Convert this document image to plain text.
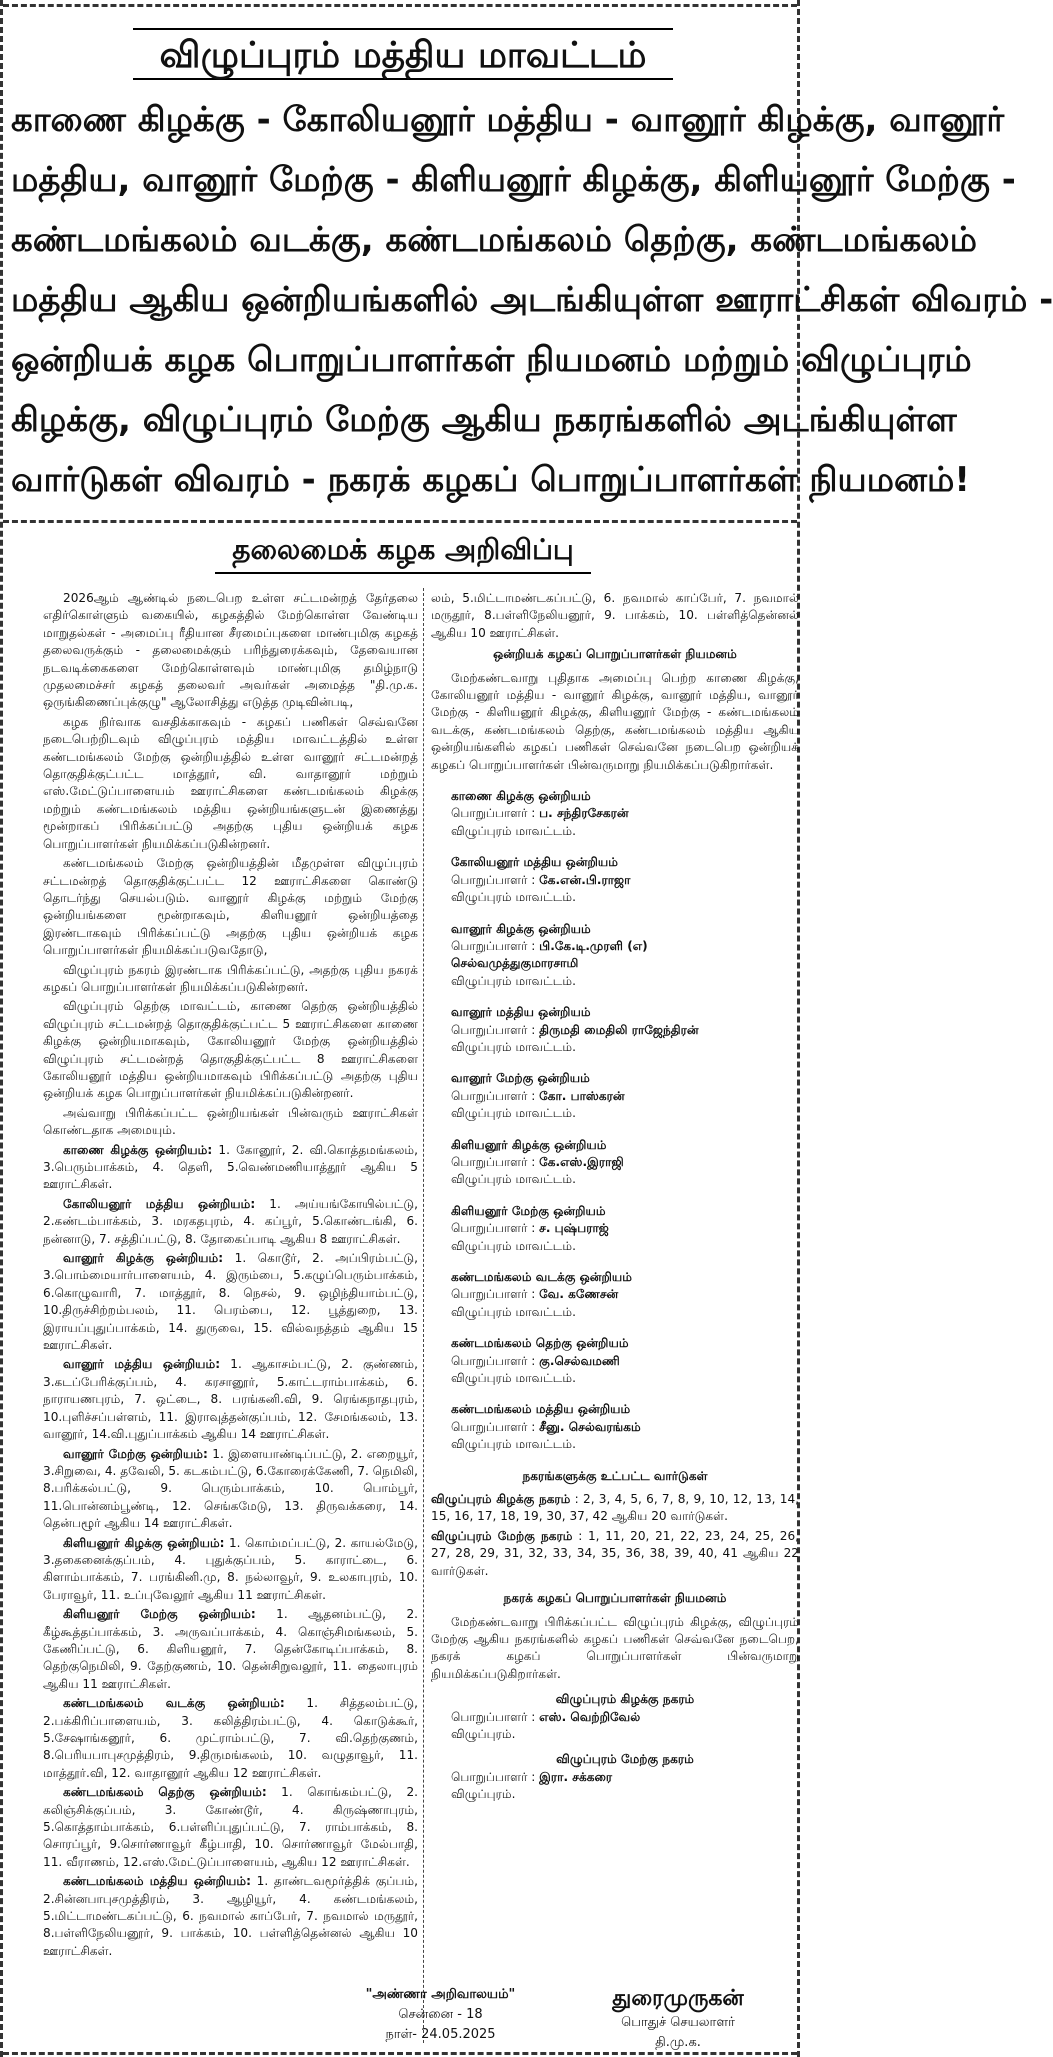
விழுப்புரம் மத்திய மாவட்டம்
காணை கிழக்கு - கோலியனூர் மத்திய - வானூர் கிழக்கு, வானூர்
மத்திய, வானூர் மேற்கு - கிளியனூர் கிழக்கு, கிளியனூர் மேற்கு -
கண்டமங்கலம் வடக்கு, கண்டமங்கலம் தெற்கு, கண்டமங்கலம்
மத்திய ஆகிய ஒன்றியங்களில் அடங்கியுள்ள ஊராட்சிகள் விவரம் -
ஒன்றியக் கழக பொறுப்பாளர்கள் நியமனம் மற்றும் விழுப்புரம்
கிழக்கு, விழுப்புரம் மேற்கு ஆகிய நகரங்களில் அடங்கியுள்ள
வார்டுகள் விவரம் - நகரக் கழகப் பொறுப்பாளர்கள் நியமனம்!
தலைமைக் கழக அறிவிப்பு

2026ஆம் ஆண்டில் நடைபெற உள்ள சட்டமன்றத் தேர்தலை எதிர்கொள்ளும் வகையில், கழகத்தில் மேற்கொள்ள வேண்டிய மாறுதல்கள் - அமைப்பு ரீதியான சீரமைப்புகளை மாண்புமிகு கழகத் தலைவருக்கும் - தலைமைக்கும் பரிந்துரைக்கவும், தேவையான நடவடிக்கைகளை மேற்கொள்ளவும் மாண்புமிகு தமிழ்நாடு முதலமைச்சர் கழகத் தலைவர் அவர்கள் அமைத்த "தி.மு.க. ஒருங்கிணைப்புக்குழு" ஆலோசித்து எடுத்த முடிவின்படி,

கழக நிர்வாக வசதிக்காகவும் - கழகப் பணிகள் செவ்வனே நடைபெற்றிடவும் விழுப்புரம் மத்திய மாவட்டத்தில் உள்ள கண்டமங்கலம் மேற்கு ஒன்றியத்தில் உள்ள வானூர் சட்டமன்றத் தொகுதிக்குட்பட்ட மாத்தூர், வி. வாதானூர் மற்றும் எஸ்.மேட்டுப்பாளையம் ஊராட்சிகளை கண்டமங்கலம் கிழக்கு மற்றும் கண்டமங்கலம் மத்திய ஒன்றியங்களுடன் இணைத்து மூன்றாகப் பிரிக்கப்பட்டு அதற்கு புதிய ஒன்றியக் கழக பொறுப்பாளர்கள் நியமிக்கப்படுகின்றனர்.

கண்டமங்கலம் மேற்கு ஒன்றியத்தின் மீதமுள்ள விழுப்புரம் சட்டமன்றத் தொகுதிக்குட்பட்ட 12 ஊராட்சிகளை கொண்டு தொடர்ந்து செயல்படும். வானூர் கிழக்கு மற்றும் மேற்கு ஒன்றியங்களை மூன்றாகவும், கிளியனூர் ஒன்றியத்தை இரண்டாகவும் பிரிக்கப்பட்டு அதற்கு புதிய ஒன்றியக் கழக பொறுப்பாளர்கள் நியமிக்கப்படுவதோடு,

விழுப்புரம் நகரம் இரண்டாக பிரிக்கப்பட்டு, அதற்கு புதிய நகரக் கழகப் பொறுப்பாளர்கள் நியமிக்கப்படுகின்றனர்.

விழுப்புரம் தெற்கு மாவட்டம், காணை தெற்கு ஒன்றியத்தில் விழுப்புரம் சட்டமன்றத் தொகுதிக்குட்பட்ட 5 ஊராட்சிகளை காணை கிழக்கு ஒன்றியமாகவும், கோலியனூர் மேற்கு ஒன்றியத்தில் விழுப்புரம் சட்டமன்றத் தொகுதிக்குட்பட்ட 8 ஊராட்சிகளை கோலியனூர் மத்திய ஒன்றியமாகவும் பிரிக்கப்பட்டு அதற்கு புதிய ஒன்றியக் கழக பொறுப்பாளர்கள் நியமிக்கப்படுகின்றனர்.

அவ்வாறு பிரிக்கப்பட்ட ஒன்றியங்கள் பின்வரும் ஊராட்சிகள் கொண்டதாக அமையும்.

காணை கிழக்கு ஒன்றியம்: 1. கோனூர், 2. வி.கொத்தமங்கலம், 3.பெரும்பாக்கம், 4. தெளி, 5.வெண்மணியாத்தூர் ஆகிய 5 ஊராட்சிகள்.

கோலியனூர் மத்திய ஒன்றியம்: 1. அய்யங்கோயில்பட்டு, 2.கண்டம்பாக்கம், 3. மரகதபுரம், 4. கப்பூர், 5.கொண்டங்கி, 6. நன்னாடு, 7. சத்திப்பட்டு, 8. தோகைப்பாடி ஆகிய 8 ஊராட்சிகள்.

வானூர் கிழக்கு ஒன்றியம்: 1. கொடூர், 2. அப்பிரம்பட்டு, 3.பொம்மையார்பாளையம், 4. இரும்பை, 5.கழுப்பெரும்பாக்கம், 6.கொழுவாரி, 7. மாத்தூர், 8. நெசல், 9. ஒழிந்தியாம்பட்டு, 10.திருச்சிற்றம்பலம், 11. பெரம்பை, 12. பூத்துறை, 13. இராயப்புதுப்பாக்கம், 14. துருவை, 15. வில்வநத்தம் ஆகிய 15 ஊராட்சிகள்.

வானூர் மத்திய ஒன்றியம்: 1. ஆகாசம்பட்டு, 2. குண்ணம், 3.கடப்பேரிக்குப்பம், 4. கரசானூர், 5.காட்டராம்பாக்கம், 6. நாராயணபுரம், 7. ஒட்டை, 8. பரங்கனி.வி, 9. ரெங்கநாதபுரம், 10.புளிச்சப்பள்ளம், 11. இராவுத்தன்குப்பம், 12. சேமங்கலம், 13. வானூர், 14.வி.புதுப்பாக்கம் ஆகிய 14 ஊராட்சிகள்.

வானூர் மேற்கு ஒன்றியம்: 1. இளையாண்டிப்பட்டு, 2. எறையூர், 3.சிறுவை, 4. தவேலி, 5. கடகம்பட்டு, 6.கோரைக்கேணி, 7. நெமிலி, 8.பரிக்கல்பட்டு, 9. பெரும்பாக்கம், 10. பொம்பூர், 11.பொன்னம்பூண்டி, 12. செங்கமேடு, 13. திருவக்கரை, 14. தென்பழூர் ஆகிய 14 ஊராட்சிகள்.

கிளியனூர் கிழக்கு ஒன்றியம்: 1. கொம்மப்பட்டு, 2. காயல்மேடு, 3.தகைனைக்குப்பம், 4. புதுக்குப்பம், 5. காராட்டை, 6. கிளாம்பாக்கம், 7. பரங்கினி.மு, 8. நல்லாவூர், 9. உலகாபுரம், 10. பேராவூர், 11. உப்புவேலூர் ஆகிய 11 ஊராட்சிகள்.

கிளியனூர் மேற்கு ஒன்றியம்: 1. ஆதனம்பட்டு, 2. கீழ்கூத்தப்பாக்கம், 3. அருவப்பாக்கம், 4. கொஞ்சிமங்கலம், 5. கேணிப்பட்டு, 6. கிளியனூர், 7. தென்கோடிப்பாக்கம், 8. தெற்குநெமிலி, 9. தேற்குணம், 10. தென்சிறுவலூர், 11. தைலாபுரம் ஆகிய 11 ஊராட்சிகள்.

கண்டமங்கலம் வடக்கு ஒன்றியம்: 1. சித்தலம்பட்டு, 2.பக்கிரிப்பாளையம், 3. கலித்திரம்பட்டு, 4. கொடுக்கூர், 5.சேஷாங்கனூர், 6. முட்ராம்பட்டு, 7. வி.தெற்குணம், 8.பெரியபாபுசமுத்திரம், 9.திருமங்கலம், 10. வழுதாவூர், 11. மாத்தூர்.வி, 12. வாதானூர் ஆகிய 12 ஊராட்சிகள்.

கண்டமங்கலம் தெற்கு ஒன்றியம்: 1. கொங்கம்பட்டு, 2. கலிஞ்சிக்குப்பம், 3. கோண்டூர், 4. கிருஷ்ணாபுரம், 5.கொத்தாம்பாக்கம், 6.பள்ளிப்புதுப்பட்டு, 7. ராம்பாக்கம், 8. சொரப்பூர், 9.சொர்ணாவூர் கீழ்பாதி, 10. சொர்ணாவூர் மேல்பாதி, 11. வீராணம், 12.எஸ்.மேட்டுப்பாளையம், ஆகிய 12 ஊராட்சிகள்.

கண்டமங்கலம் மத்திய ஒன்றியம்: 1. தாண்டவமூர்த்திக் குப்பம், 2.சின்னபாபுசமுத்திரம், 3. ஆழியூர், 4. கண்டமங்கலம், 5.மிட்டாமண்டகப்பட்டு, 6. நவமால் காப்பேர், 7. நவமால் மருதூர், 8.பள்ளிநேலியனூர், 9. பாக்கம், 10. பள்ளித்தென்னல் ஆகிய 10 ஊராட்சிகள்.

லம், 5.மிட்டாமண்டகப்பட்டு, 6. நவமால் காப்பேர், 7. நவமால் மருதூர், 8.பள்ளிநேலியனூர், 9. பாக்கம், 10. பள்ளித்தென்னல் ஆகிய 10 ஊராட்சிகள்.

ஒன்றியக் கழகப் பொறுப்பாளர்கள் நியமனம்

மேற்கண்டவாறு புதிதாக அமைப்பு பெற்ற காணை கிழக்கு, கோலியனூர் மத்திய - வானூர் கிழக்கு, வானூர் மத்திய, வானூர் மேற்கு - கிளியனூர் கிழக்கு, கிளியனூர் மேற்கு - கண்டமங்கலம் வடக்கு, கண்டமங்கலம் தெற்கு, கண்டமங்கலம் மத்திய ஆகிய ஒன்றியங்களில் கழகப் பணிகள் செவ்வனே நடைபெற ஒன்றியக் கழகப் பொறுப்பாளர்கள் பின்வருமாறு நியமிக்கப்படுகிறார்கள்.

காணை கிழக்கு ஒன்றியம்
பொறுப்பாளர் : ப. சந்திரசேகரன்
விழுப்புரம் மாவட்டம்.
கோலியனூர் மத்திய ஒன்றியம்
பொறுப்பாளர் : கே.என்.பி.ராஜா
விழுப்புரம் மாவட்டம்.
வானூர் கிழக்கு ஒன்றியம்
பொறுப்பாளர் : பி.கே.டி.முரளி (எ)
செல்வமுத்துகுமாரசாமி
விழுப்புரம் மாவட்டம்.
வானூர் மத்திய ஒன்றியம்
பொறுப்பாளர் : திருமதி மைதிலி ராஜேந்திரன்
விழுப்புரம் மாவட்டம்.
வானூர் மேற்கு ஒன்றியம்
பொறுப்பாளர் : கோ. பாஸ்கரன்
விழுப்புரம் மாவட்டம்.
கிளியனூர் கிழக்கு ஒன்றியம்
பொறுப்பாளர் : கே.எஸ்.இராஜி
விழுப்புரம் மாவட்டம்.
கிளியனூர் மேற்கு ஒன்றியம்
பொறுப்பாளர் : ச. புஷ்பராஜ்
விழுப்புரம் மாவட்டம்.
கண்டமங்கலம் வடக்கு ஒன்றியம்
பொறுப்பாளர் : வே. கணேசன்
விழுப்புரம் மாவட்டம்.
கண்டமங்கலம் தெற்கு ஒன்றியம்
பொறுப்பாளர் : கு.செல்வமணி
விழுப்புரம் மாவட்டம்.
கண்டமங்கலம் மத்திய ஒன்றியம்
பொறுப்பாளர் : சீனு. செல்வரங்கம்
விழுப்புரம் மாவட்டம்.
நகரங்களுக்கு உட்பட்ட வார்டுகள்

விழுப்புரம் கிழக்கு நகரம் : 2, 3, 4, 5, 6, 7, 8, 9, 10, 12, 13, 14, 15, 16, 17, 18, 19, 30, 37, 42 ஆகிய 20 வார்டுகள்.

விழுப்புரம் மேற்கு நகரம் : 1, 11, 20, 21, 22, 23, 24, 25, 26, 27, 28, 29, 31, 32, 33, 34, 35, 36, 38, 39, 40, 41 ஆகிய 22 வார்டுகள்.

நகரக் கழகப் பொறுப்பாளர்கள் நியமனம்

மேற்கண்டவாறு பிரிக்கப்பட்ட விழுப்புரம் கிழக்கு, விழுப்புரம் மேற்கு ஆகிய நகரங்களில் கழகப் பணிகள் செவ்வனே நடைபெற, நகரக் கழகப் பொறுப்பாளர்கள் பின்வருமாறு நியமிக்கப்படுகிறார்கள்.

விழுப்புரம் கிழக்கு நகரம்
பொறுப்பாளர் : எஸ். வெற்றிவேல்
விழுப்புரம்.
விழுப்புரம் மேற்கு நகரம்
பொறுப்பாளர் : இரா. சக்கரை
விழுப்புரம்.
"அண்ணா அறிவாலயம்"
சென்னை - 18
நாள்- 24.05.2025
துரைமுருகன்
பொதுச் செயலாளர்
தி.மு.க.
